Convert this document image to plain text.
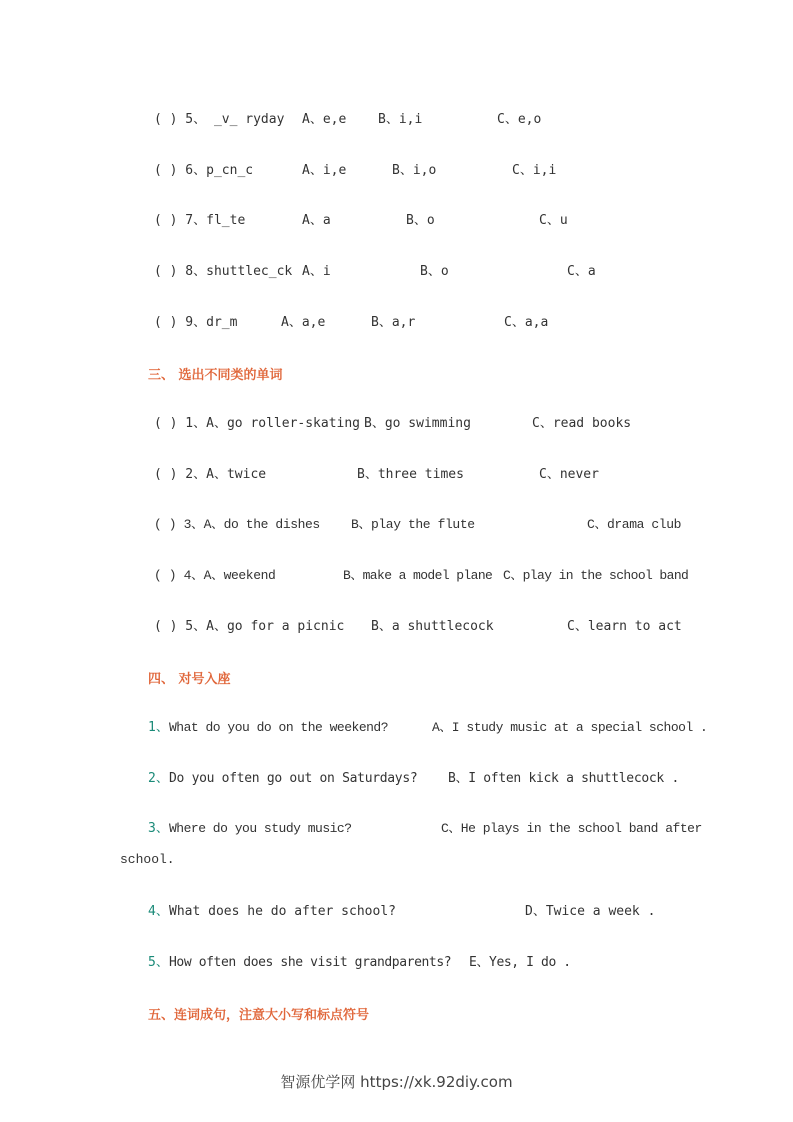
( ) 5、 _v_ ryday A、e,e B、i,i	C、e,o
( ) 6、p_cn_c	A、i,e	B、i,o	C、i,i
( ) 7、fl_te	A、a	B、o	C、u
( ) 8、shuttlec_ck A、i	B、o	C、a
( ) 9、dr_m	A、a,e	B、a,r	C、a,a
三、 选出不同类的单词
( ) 1、A、go roller-skating B、go swimming	C、read books
( ) 2、A、twice	B、three times	C、never
( ) 3、A、do the dishes B、play the flute	C、drama club
( ) 4、A、weekend	B、make a model plane C、play in the school band
( ) 5、A、go for a picnic B、a shuttlecock	C、learn to act
四、 对号入座
1、 What do you do on the weekend?	A、I study music at a special school .
2、 Do you often go out on Saturdays? B、I often kick a shuttlecock .
3、 Where do you study music?	C、He plays in the school band after
school.
4、 What does he do after school?	D、Twice a week .
5、 How often does she visit grandparents? E、Yes, I do .
五、连词成句，注意大小写和标点符号
智源优学网 https://xk.92diy.com
